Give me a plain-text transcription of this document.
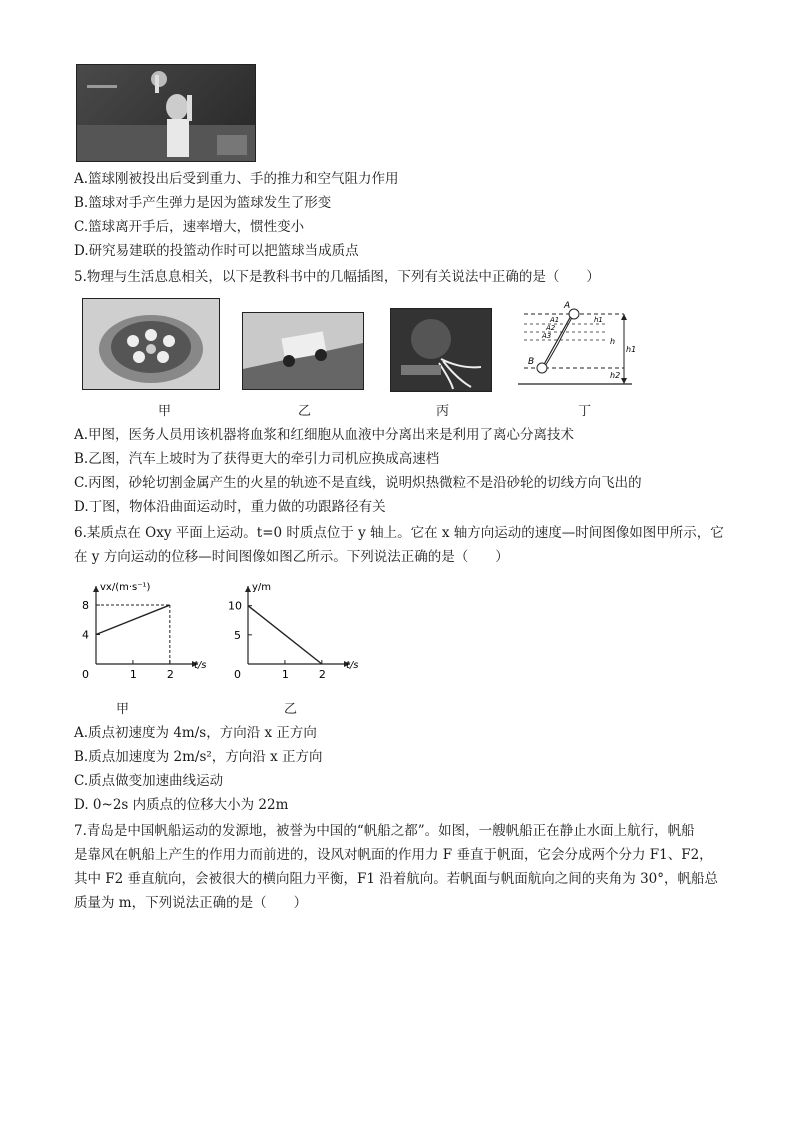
A.篮球刚被投出后受到重力、手的推力和空气阻力作用
B.篮球对手产生弹力是因为篮球发生了形变
C.篮球离开手后，速率增大，惯性变小
D.研究易建联的投篮动作时可以把篮球当成质点
5.物理与生活息息相关，以下是教科书中的几幅插图，下列有关说法中正确的是（　　）
A
A1
A2
A3
B
h1
h
h1
h2
甲	乙	丙	丁
A.甲图，医务人员用该机器将血浆和红细胞从血液中分离出来是利用了离心分离技术
B.乙图，汽车上坡时为了获得更大的牵引力司机应换成高速档
C.丙图，砂轮切割金属产生的火星的轨迹不是直线，说明炽热微粒不是沿砂轮的切线方向飞出的
D.丁图，物体沿曲面运动时，重力做的功跟路径有关
6.某质点在 Oxy 平面上运动。t=0 时质点位于 y 轴上。它在 x 轴方向运动的速度—时间图像如图甲所示，它
在 y 方向运动的位移—时间图像如图乙所示。下列说法正确的是（　　）
vx/(m·s⁻¹)
t/s
0	1	2
4
8
y/m
t/s
0	1	2
5
10
甲	乙
A.质点初速度为 4m/s，方向沿 x 正方向
B.质点加速度为 2m/s²，方向沿 x 正方向
C.质点做变加速曲线运动
D. 0~2s 内质点的位移大小为 22m
7.青岛是中国帆船运动的发源地，被誉为中国的“帆船之都”。如图，一艘帆船正在静止水面上航行，帆船
是靠风在帆船上产生的作用力而前进的，设风对帆面的作用力 F 垂直于帆面，它会分成两个分力 F1、F2，
其中 F2 垂直航向，会被很大的横向阻力平衡，F1 沿着航向。若帆面与帆面航向之间的夹角为 30°，帆船总
质量为 m，下列说法正确的是（　　）
